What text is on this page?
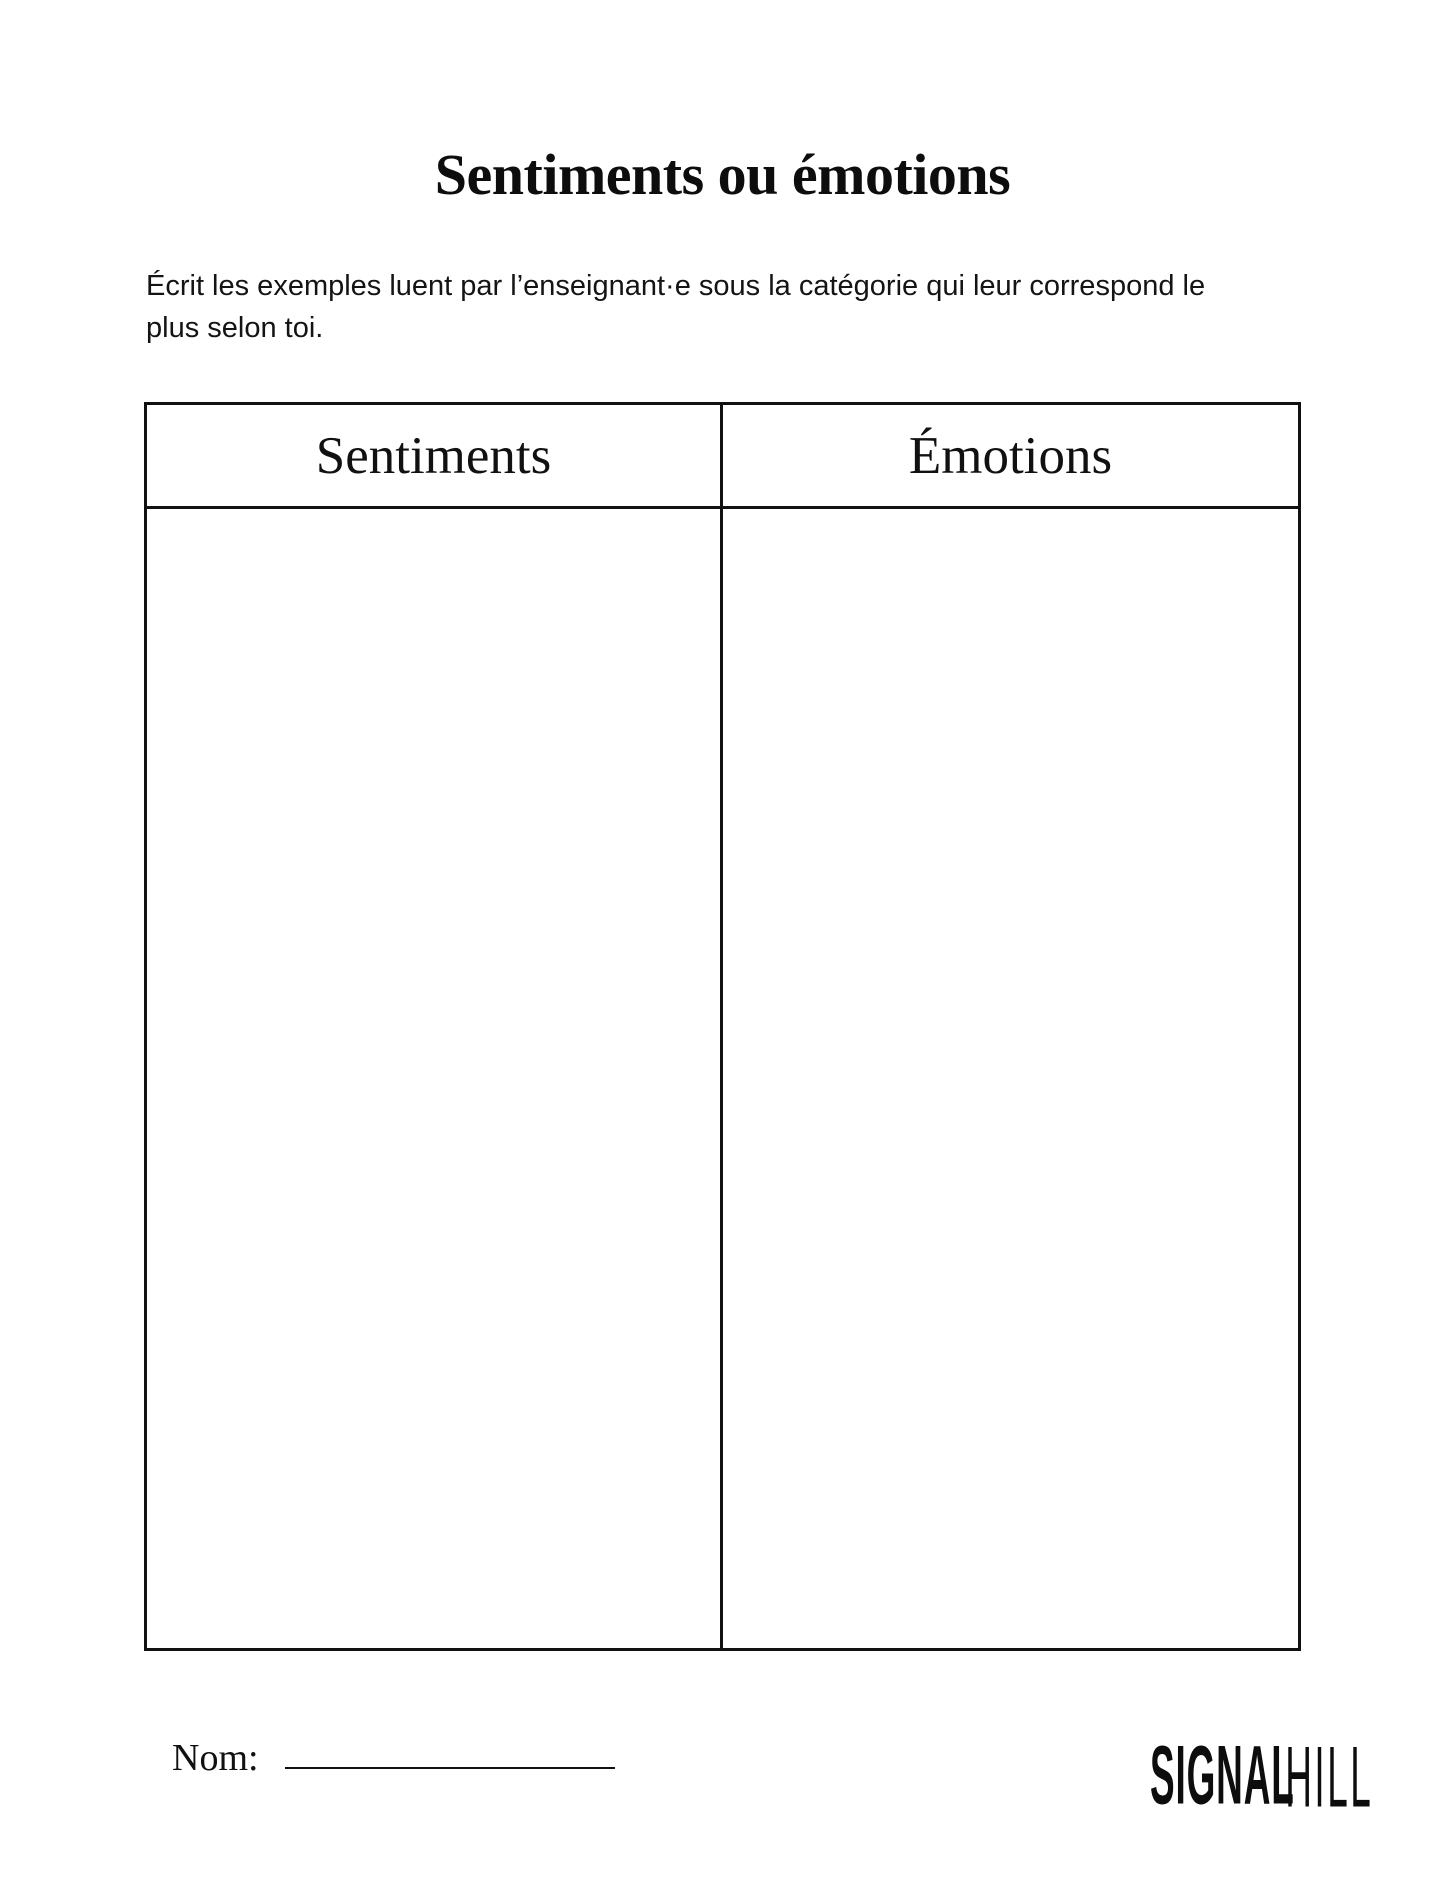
Sentiments ou émotions

Écrit les exemples luent par l’enseignant·e sous la catégorie qui leur correspond le plus selon toi.

Sentiments	Émotions

Nom:	SIGNAL
HILL
